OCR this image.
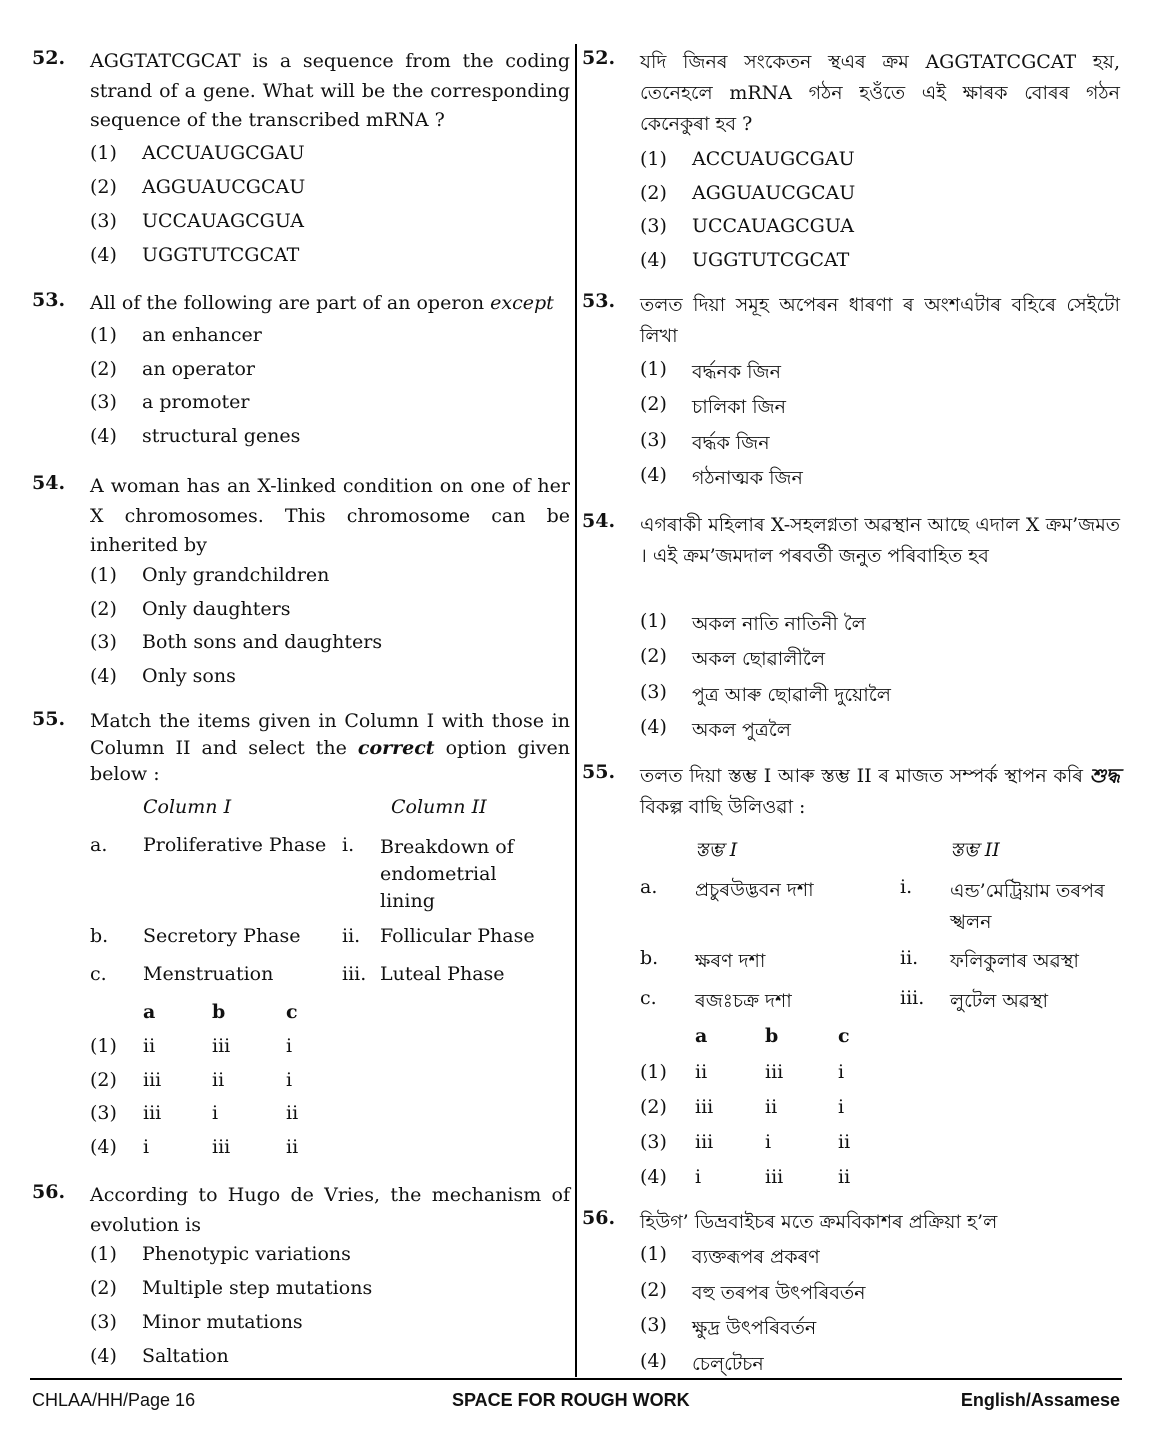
52. AGGTATCGCAT is a sequence from the coding strand of a gene. What will be the corresponding sequence of the transcribed mRNA ?
(1)	ACCUAUGCGAU
(2)	AGGUAUCGCAU
(3)	UCCAUAGCGUA
(4)	UGGTUTCGCAT
53. All of the following are part of an operon except
(1)	an enhancer
(2)	an operator
(3)	a promoter
(4)	structural genes
54. A woman has an X-linked condition on one of her X chromosomes. This chromosome can be inherited by
(1)	Only grandchildren
(2)	Only daughters
(3)	Both sons and daughters
(4)	Only sons
55. Match the items given in Column I with those in Column II and select the correct option given below :
Column I	Column II
a. Proliferative Phase i. Breakdown of endometrial lining
b. Secretory Phase ii. Follicular Phase
c. Menstruation	iii. Luteal Phase
a	b	c
(1) ii	iii	i
(2) iii	ii	i
(3) iii	i	ii
(4) i	iii	ii
56. According to Hugo de Vries, the mechanism of evolution is
(1)	Phenotypic variations
(2)	Multiple step mutations
(3)	Minor mutations
(4)	Saltation
52. যদি জিনৰ সংকেতন স্থএৰ ক্ৰম AGGTATCGCAT হয়, তেনেহলে mRNA গঠন হওঁতে এই ক্ষাৰক বোৰৰ গঠন কেনেকুৰা হব ?
(1)	ACCUAUGCGAU
(2)	AGGUAUCGCAU
(3)	UCCAUAGCGUA
(4)	UGGTUTCGCAT
53. তলত দিয়া সমূহ অপেৰন ধাৰণা ৰ অংশএটাৰ বহিৰে সেইটো লিখা
(1)	বৰ্দ্ধনক জিন
(2)	চালিকা জিন
(3)	বৰ্দ্ধক জিন
(4)	গঠনাত্মক জিন
54. এগৰাকী মহিলাৰ X-সহলগ্নতা অৱস্থান আছে এদাল X ক্ৰম’জমত । এই ক্ৰম’জমদাল পৰবৰ্তী জনুত পৰিবাহিত হব
(1)	অকল নাতি নাতিনী লৈ
(2)	অকল ছোৱালীলৈ
(3)	পুত্ৰ আৰু ছোৱালী দুয়োলৈ
(4)	অকল পুত্ৰলৈ
55. তলত দিয়া স্তম্ভ I আৰু স্তম্ভ II ৰ মাজত সম্পৰ্ক স্থাপন কৰি শুদ্ধ বিকল্প বাছি উলিওৱা :
স্তম্ভ I	স্তম্ভ II
a. প্ৰচুৰউদ্ভবন দশা	i. এন্ড’মেট্ৰিয়াম তৰপৰ স্খলন
b. ক্ষৰণ দশা	ii. ফলিকুলাৰ অৱস্থা
c. ৰজঃচক্ৰ দশা	iii. লুটেল অৱস্থা
a	b	c
(1) ii	iii	i
(2) iii	ii	i
(3) iii	i	ii
(4) i	iii	ii
56. হিউগ’ ডিভ্ৰবাইচৰ মতে ক্ৰমবিকাশৰ প্ৰক্ৰিয়া হ’ল
(1)	ব্যক্তৰূপৰ প্ৰকৰণ
(2)	বহু তৰপৰ উৎপৰিবৰ্তন
(3)	ক্ষুদ্ৰ উৎপৰিবৰ্তন
(4)	চেল্‌টেচন
CHLAA/HH/Page 16	SPACE FOR ROUGH WORK	English/Assamese
